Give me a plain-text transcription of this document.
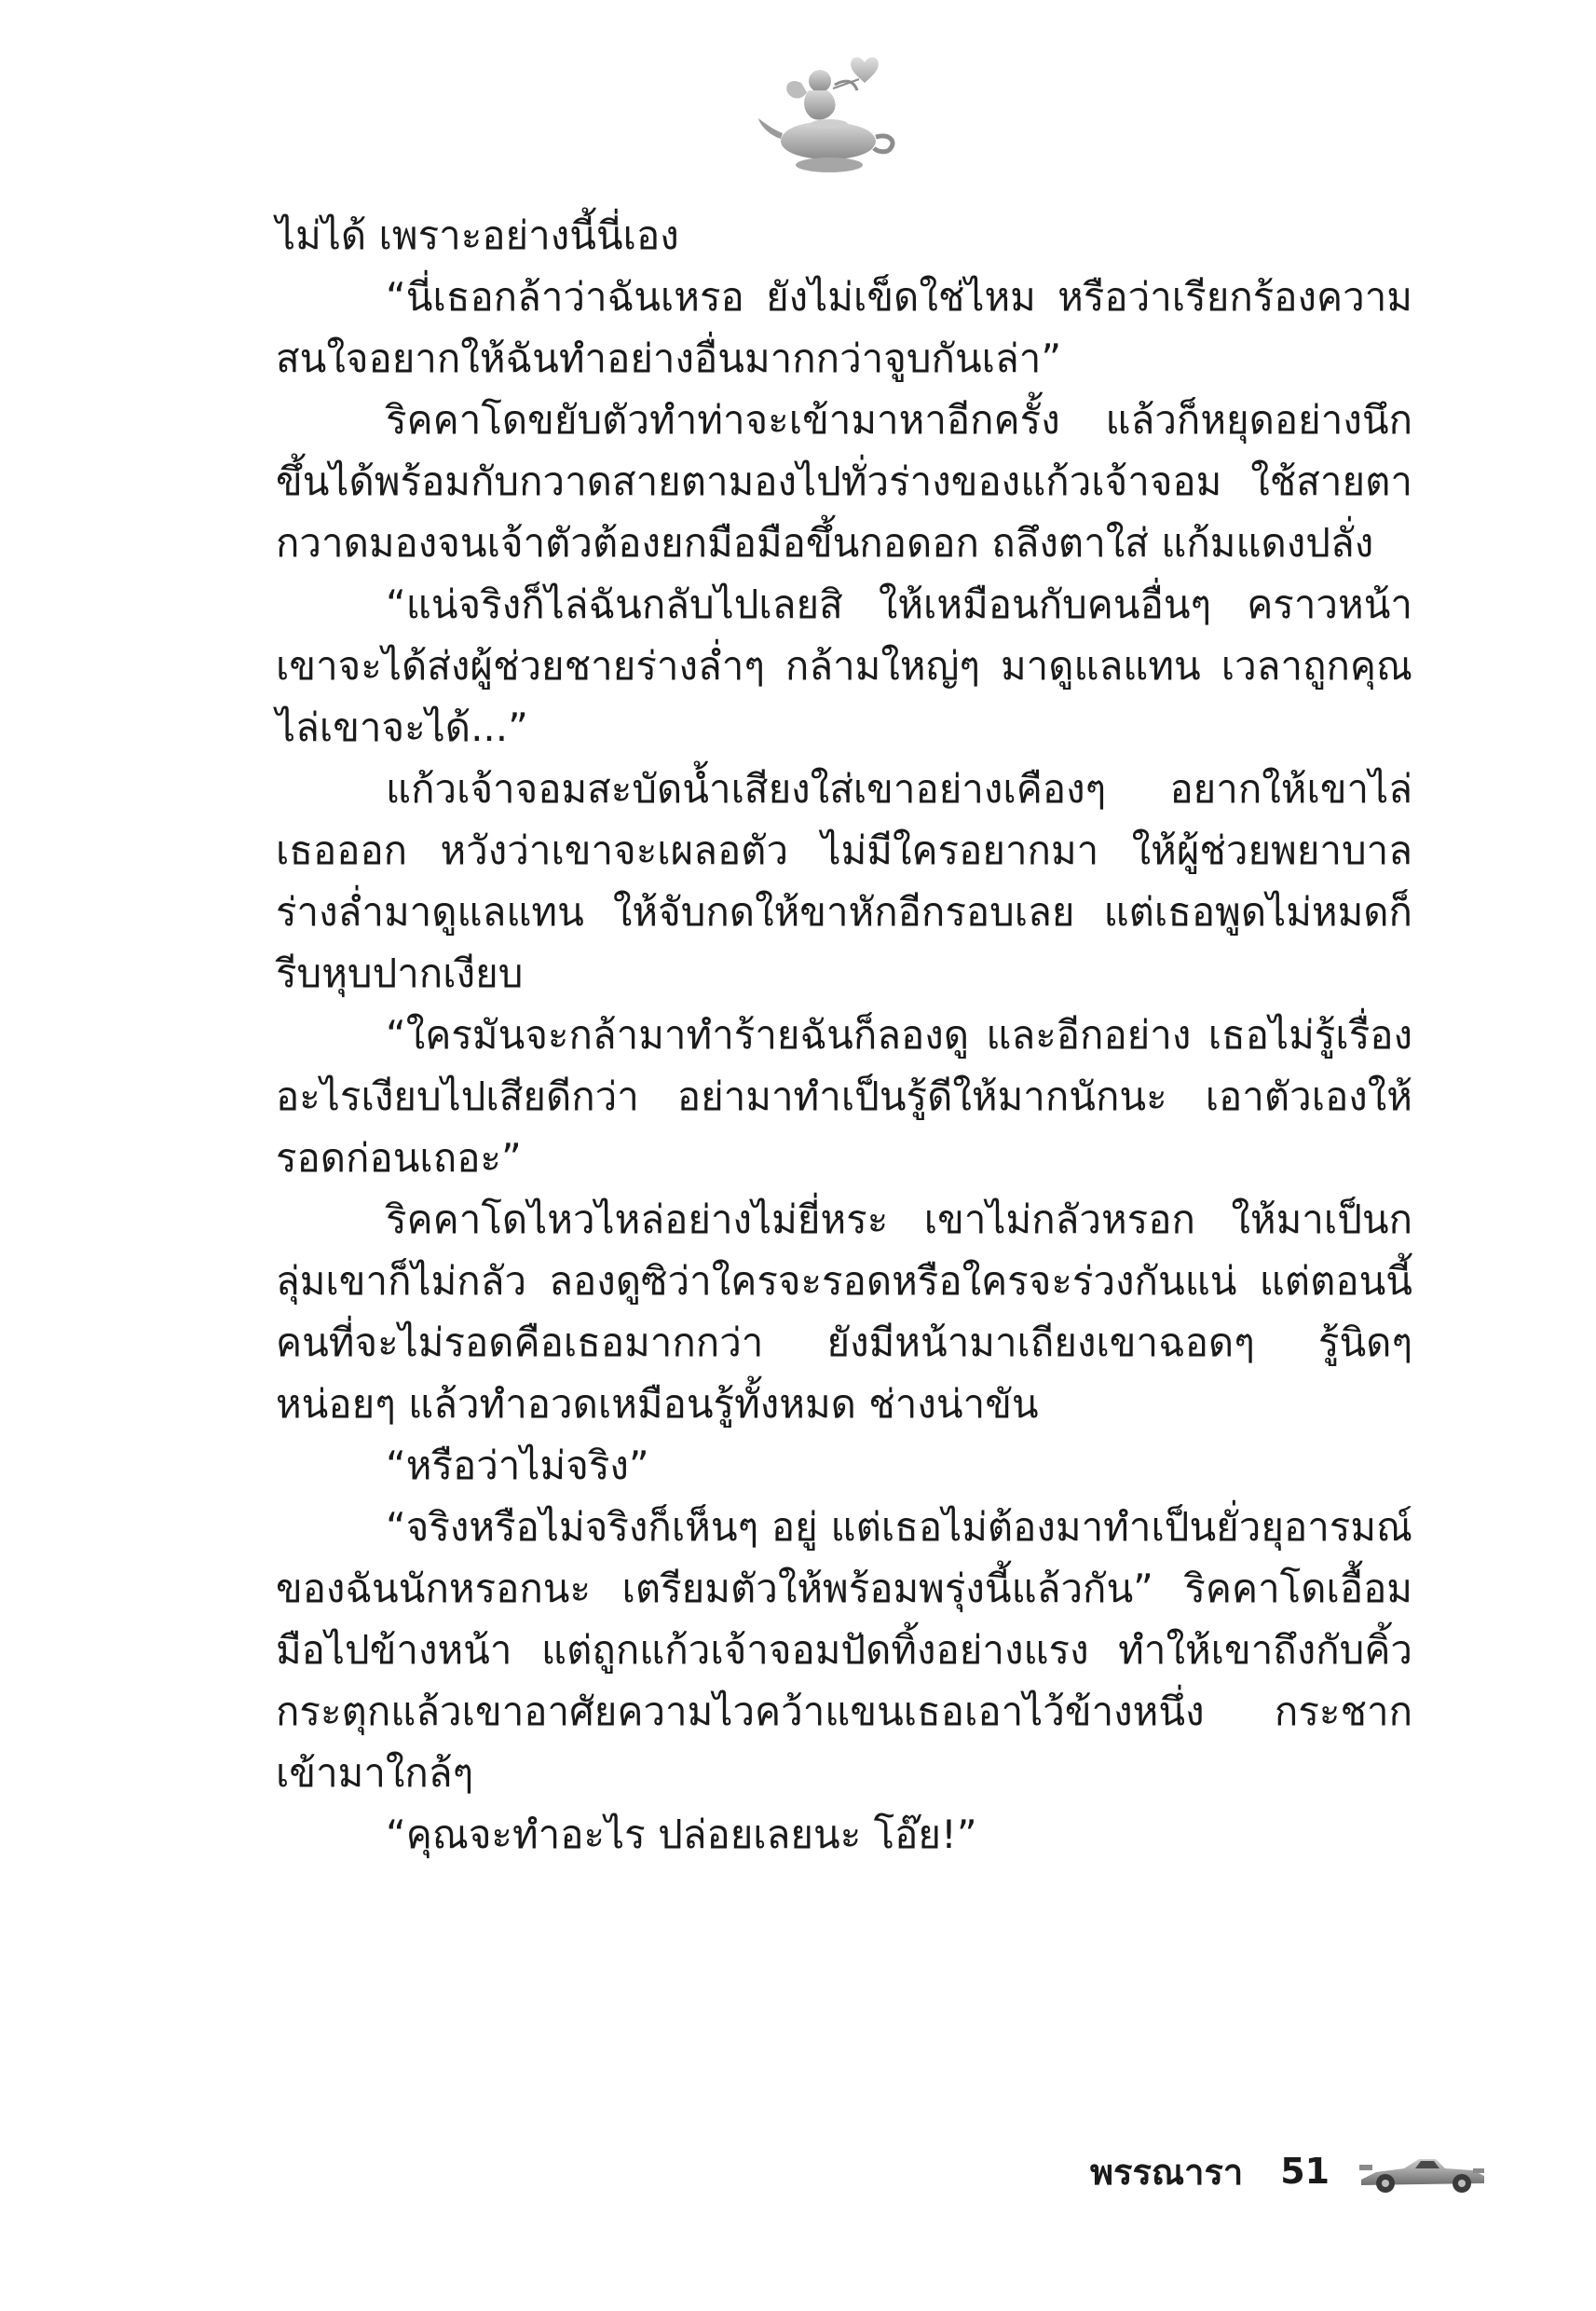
ไม่ได้ เพราะอย่างนี้นี่เอง

“นี่เธอกล้าว่าฉันเหรอ ยังไม่เข็ดใช่ไหม หรือว่าเรียกร้องความสนใจอยากให้ฉันทำอย่างอื่นมากกว่าจูบกันเล่า”

ริคคาโดขยับตัวทำท่าจะเข้ามาหาอีกครั้ง แล้วก็หยุดอย่างนึกขึ้นได้พร้อมกับกวาดสายตามองไปทั่วร่างของแก้วเจ้าจอม ใช้สายตากวาดมองจนเจ้าตัวต้องยกมือมือขึ้นกอดอก ถลึงตาใส่ แก้มแดงปลั่ง

“แน่จริงก็ไล่ฉันกลับไปเลยสิ ให้เหมือนกับคนอื่นๆ คราวหน้าเขาจะได้ส่งผู้ช่วยชายร่างล่ำๆ กล้ามใหญ่ๆ มาดูแลแทน เวลาถูกคุณไล่เขาจะได้...”

แก้วเจ้าจอมสะบัดน้ำเสียงใส่เขาอย่างเคืองๆ อยากให้เขาไล่เธอออก หวังว่าเขาจะเผลอตัว ไม่มีใครอยากมา ให้ผู้ช่วยพยาบาลร่างล่ำมาดูแลแทน ให้จับกดให้ขาหักอีกรอบเลย แต่เธอพูดไม่หมดก็รีบหุบปากเงียบ

“ใครมันจะกล้ามาทำร้ายฉันก็ลองดู และอีกอย่าง เธอไม่รู้เรื่องอะไรเงียบไปเสียดีกว่า อย่ามาทำเป็นรู้ดีให้มากนักนะ เอาตัวเองให้รอดก่อนเถอะ”

ริคคาโดไหวไหล่อย่างไม่ยี่หระ เขาไม่กลัวหรอก ให้มาเป็นกลุ่มเขาก็ไม่กลัว ลองดูซิว่าใครจะรอดหรือใครจะร่วงกันแน่ แต่ตอนนี้คนที่จะไม่รอดคือเธอมากกว่า ยังมีหน้ามาเถียงเขาฉอดๆ รู้นิดๆ หน่อยๆ แล้วทำอวดเหมือนรู้ทั้งหมด ช่างน่าขัน

“หรือว่าไม่จริง”

“จริงหรือไม่จริงก็เห็นๆ อยู่ แต่เธอไม่ต้องมาทำเป็นยั่วยุอารมณ์ของฉันนักหรอกนะ เตรียมตัวให้พร้อมพรุ่งนี้แล้วกัน” ริคคาโดเอื้อมมือไปข้างหน้า แต่ถูกแก้วเจ้าจอมปัดทิ้งอย่างแรง ทำให้เขาถึงกับคิ้วกระตุกแล้วเขาอาศัยความไวคว้าแขนเธอเอาไว้ข้างหนึ่ง กระชากเข้ามาใกล้ๆ

“คุณจะทำอะไร ปล่อยเลยนะ โอ๊ย!”

พรรณารา 51
